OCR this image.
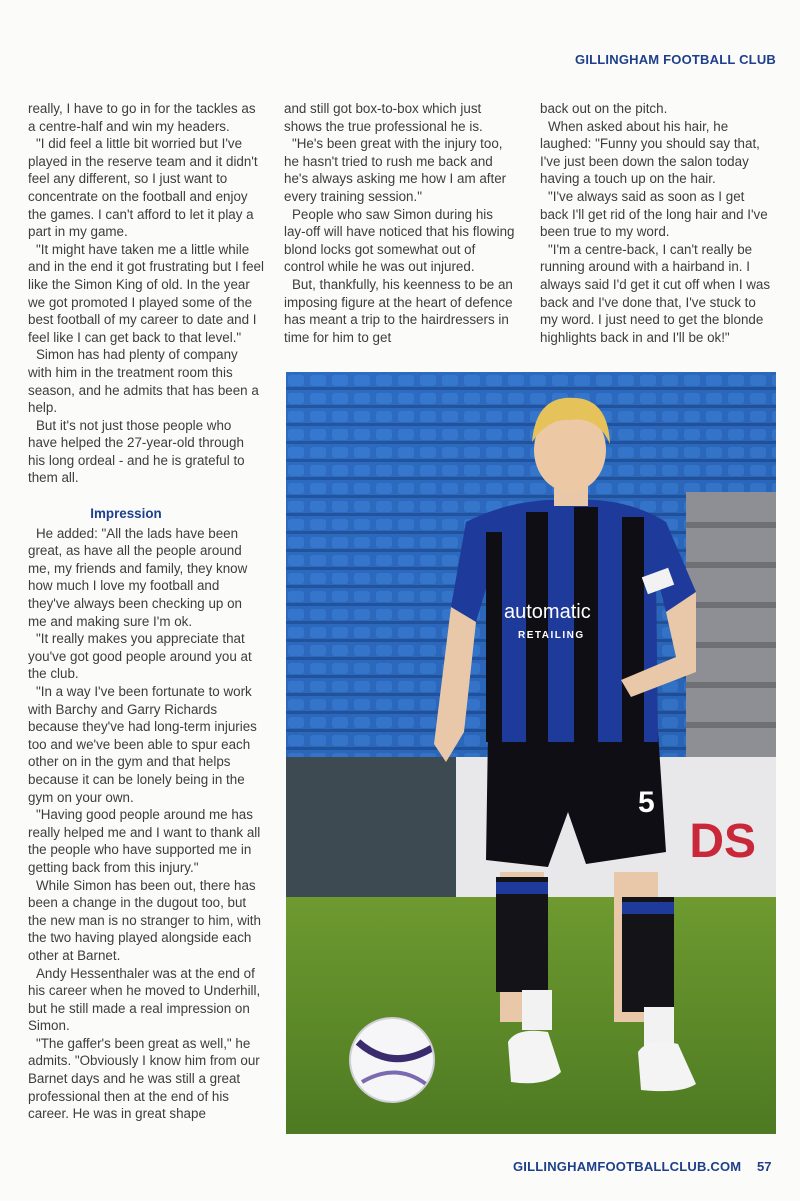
GILLINGHAM FOOTBALL CLUB

really, I have to go in for the tackles as a centre-half and win my headers.

"I did feel a little bit worried but I've played in the reserve team and it didn't feel any different, so I just want to concentrate on the football and enjoy the games. I can't afford to let it play a part in my game.

"It might have taken me a little while and in the end it got frustrating but I feel like the Simon King of old. In the year we got promoted I played some of the best football of my career to date and I feel like I can get back to that level."

Simon has had plenty of company with him in the treatment room this season, and he admits that has been a help.

But it's not just those people who have helped the 27-year-old through his long ordeal - and he is grateful to them all.

Impression

He added: "All the lads have been great, as have all the people around me, my friends and family, they know how much I love my football and they've always been checking up on me and making sure I'm ok.

"It really makes you appreciate that you've got good people around you at the club.

"In a way I've been fortunate to work with Barchy and Garry Richards because they've had long-term injuries too and we've been able to spur each other on in the gym and that helps because it can be lonely being in the gym on your own.

"Having good people around me has really helped me and I want to thank all the people who have supported me in getting back from this injury."

While Simon has been out, there has been a change in the dugout too, but the new man is no stranger to him, with the two having played alongside each other at Barnet.

Andy Hessenthaler was at the end of his career when he moved to Underhill, but he still made a real impression on Simon.

"The gaffer's been great as well," he admits. "Obviously I know him from our Barnet days and he was still a great professional then at the end of his career. He was in great shape

and still got box-to-box which just shows the true professional he is.

"He's been great with the injury too, he hasn't tried to rush me back and he's always asking me how I am after every training session."

People who saw Simon during his lay-off will have noticed that his flowing blond locks got somewhat out of control while he was out injured.

But, thankfully, his keenness to be an imposing figure at the heart of defence has meant a trip to the hairdressers in time for him to get

back out on the pitch.

When asked about his hair, he laughed: "Funny you should say that, I've just been down the salon today having a touch up on the hair.

"I've always said as soon as I get back I'll get rid of the long hair and I've been true to my word.

"I'm a centre-back, I can't really be running around with a hairband in. I always said I'd get it cut off when I was back and I've done that, I've stuck to my word. I just need to get the blonde highlights back in and I'll be ok!"

DS
5
automatic
RETAILING
GILLINGHAMFOOTBALLCLUB.COM 57
